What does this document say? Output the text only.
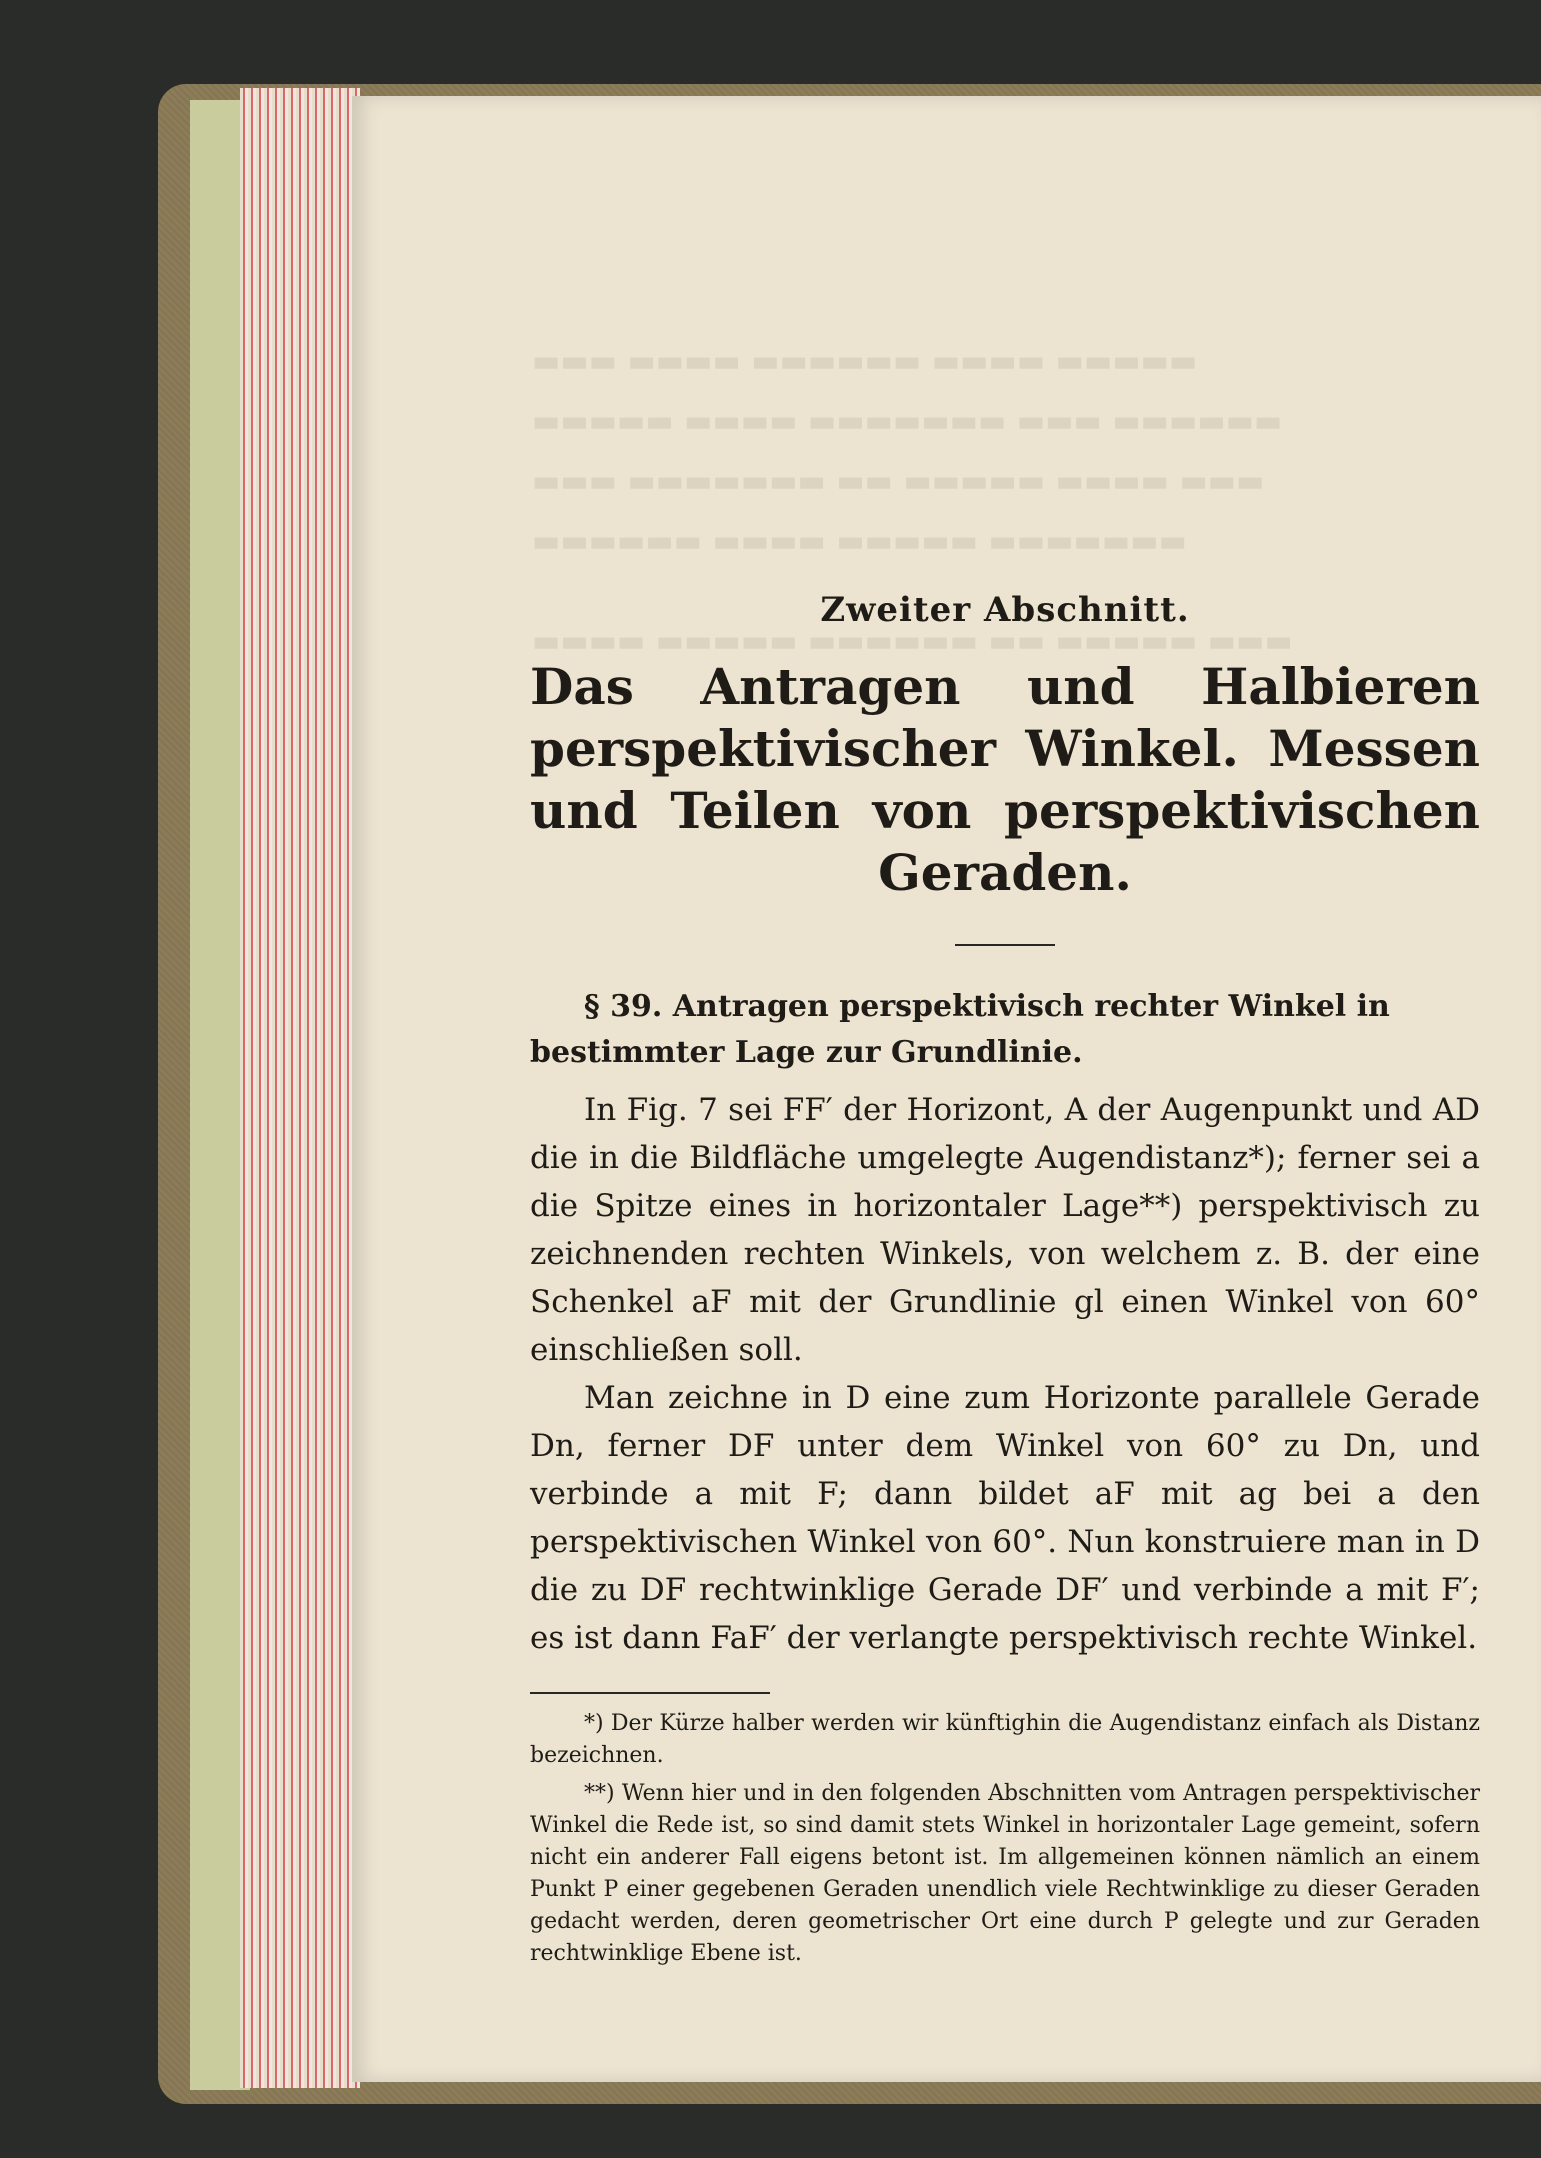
▬▬▬ ▬▬▬▬ ▬▬▬▬▬▬ ▬▬▬▬ ▬▬▬▬▬
▬▬▬▬▬ ▬▬▬▬ ▬▬▬▬▬▬▬ ▬▬▬ ▬▬▬▬▬▬
▬▬▬ ▬▬▬▬▬▬▬ ▬▬ ▬▬▬▬▬ ▬▬▬▬ ▬▬▬
▬▬▬▬▬▬ ▬▬▬▬ ▬▬▬▬▬ ▬▬▬▬▬▬▬
▬▬▬▬ ▬▬▬▬▬ ▬▬▬▬▬▬ ▬▬ ▬▬▬▬▬ ▬▬▬
Zweiter Abschnitt.
Das Antragen und Halbieren perspektivischer Winkel. Messen und Teilen von perspektivischen Geraden.

§ 39. Antragen perspektivisch rechter Winkel in bestimmter Lage zur Grundlinie.

In Fig. 7 sei FF′ der Horizont, A der Augenpunkt und AD die in die Bildfläche umgelegte Augendistanz*); ferner sei a die Spitze eines in horizontaler Lage**) perspektivisch zu zeichnenden rechten Winkels, von welchem z. B. der eine Schenkel aF mit der Grundlinie gl einen Winkel von 60° einschließen soll.

Man zeichne in D eine zum Horizonte parallele Gerade Dn, ferner DF unter dem Winkel von 60° zu Dn, und verbinde a mit F; dann bildet aF mit ag bei a den perspektivischen Winkel von 60°. Nun konstruiere man in D die zu DF rechtwinklige Gerade DF′ und verbinde a mit F′; es ist dann FaF′ der verlangte perspektivisch rechte Winkel.

*) Der Kürze halber werden wir künftighin die Augendistanz einfach als Distanz bezeichnen.

**) Wenn hier und in den folgenden Abschnitten vom Antragen perspektivischer Winkel die Rede ist, so sind damit stets Winkel in horizontaler Lage gemeint, sofern nicht ein anderer Fall eigens betont ist. Im allgemeinen können nämlich an einem Punkt P einer gegebenen Geraden unendlich viele Rechtwinklige zu dieser Geraden gedacht werden, deren geometrischer Ort eine durch P gelegte und zur Geraden rechtwinklige Ebene ist.
